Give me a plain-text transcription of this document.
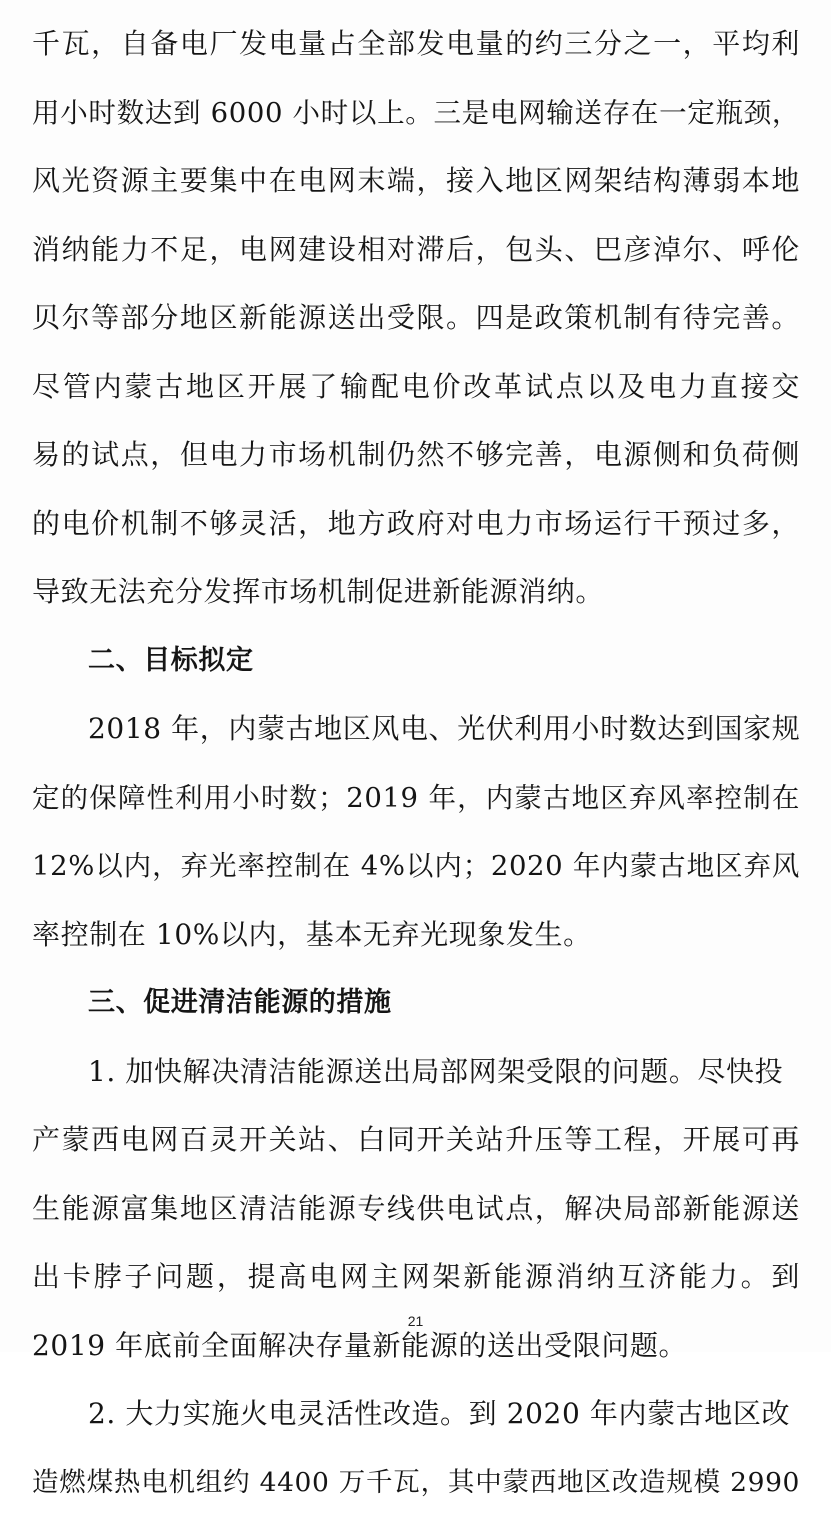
千瓦，自备电厂发电量占全部发电量的约三分之一，平均利
用小时数达到 6000 小时以上。三是电网输送存在一定瓶颈，
风光资源主要集中在电网末端，接入地区网架结构薄弱本地
消纳能力不足，电网建设相对滞后，包头、巴彦淖尔、呼伦
贝尔等部分地区新能源送出受限。四是政策机制有待完善。
尽管内蒙古地区开展了输配电价改革试点以及电力直接交
易的试点，但电力市场机制仍然不够完善，电源侧和负荷侧
的电价机制不够灵活，地方政府对电力市场运行干预过多，
导致无法充分发挥市场机制促进新能源消纳。
二、目标拟定
2018 年，内蒙古地区风电、光伏利用小时数达到国家规
定的保障性利用小时数；2019 年，内蒙古地区弃风率控制在
12%以内，弃光率控制在 4%以内；2020 年内蒙古地区弃风
率控制在 10%以内，基本无弃光现象发生。
三、促进清洁能源的措施
1. 加快解决清洁能源送出局部网架受限的问题。尽快投
产蒙西电网百灵开关站、白同开关站升压等工程，开展可再
生能源富集地区清洁能源专线供电试点，解决局部新能源送
出卡脖子问题，提高电网主网架新能源消纳互济能力。到
2019 年底前全面解决存量新能源的送出受限问题。
2. 大力实施火电灵活性改造。到 2020 年内蒙古地区改
造燃煤热电机组约 4400 万千瓦，其中蒙西地区改造规模 2990
21
